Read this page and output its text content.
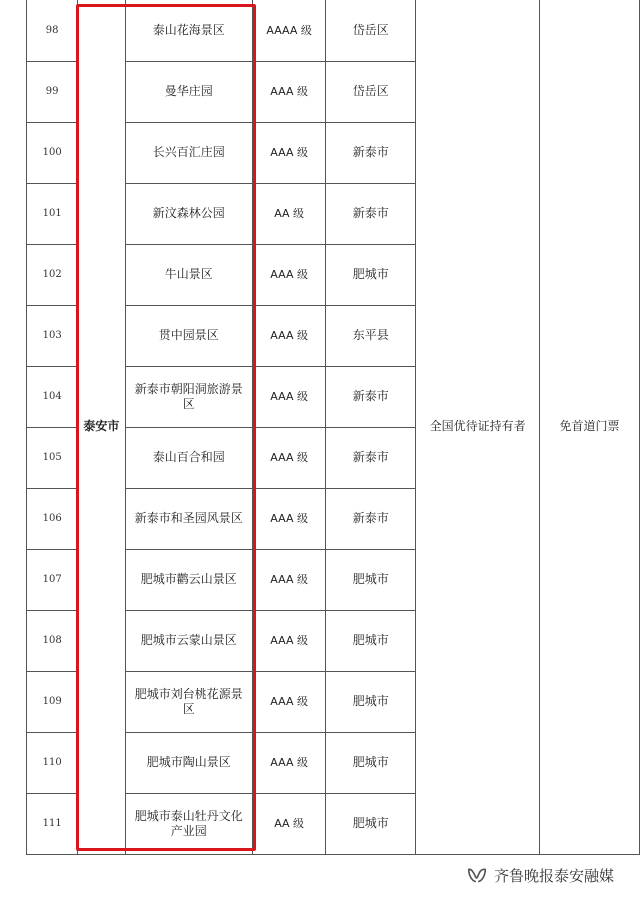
98	泰安市	泰山花海景区	AAAA 级	岱岳区	全国优待证持有者	免首道门票
99		曼华庄园	AAA 级	岱岳区		
100		长兴百汇庄园	AAA 级	新泰市		
101		新汶森林公园	AA 级	新泰市		
102		牛山景区	AAA 级	肥城市		
103		贯中园景区	AAA 级	东平县		
104		新泰市朝阳洞旅游景区	AAA 级	新泰市		
105		泰山百合和园	AAA 级	新泰市		
106		新泰市和圣园风景区	AAA 级	新泰市		
107		肥城市鹳云山景区	AAA 级	肥城市		
108		肥城市云蒙山景区	AAA 级	肥城市		
109		肥城市刘台桃花源景区	AAA 级	肥城市		
110		肥城市陶山景区	AAA 级	肥城市		
111		肥城市泰山牡丹文化产业园	AA 级	肥城市		
齐鲁晚报泰安融媒
